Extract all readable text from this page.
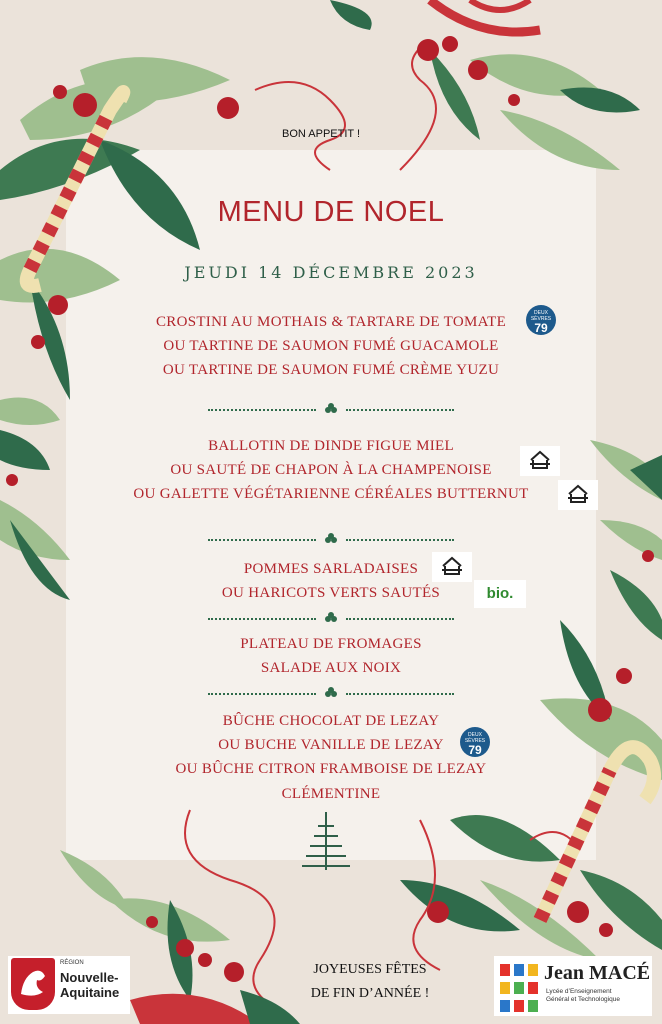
BON APPETIT !
MENU DE NOEL
JEUDI 14 DÉCEMBRE 2023
CROSTINI AU MOTHAIS & TARTARE DE TOMATE
OU TARTINE DE SAUMON FUMÉ GUACAMOLE
OU TARTINE DE SAUMON FUMÉ CRÈME YUZU
DEUX SÈVRES
79
BALLOTIN DE DINDE FIGUE MIEL
OU SAUTÉ DE CHAPON À LA CHAMPENOISE
OU GALETTE VÉGÉTARIENNE CÉRÉALES BUTTERNUT
POMMES SARLADAISES
OU HARICOTS VERTS SAUTÉS	bio.
PLATEAU DE FROMAGES
SALADE AUX NOIX
BÛCHE CHOCOLAT DE LEZAY
OU BUCHE VANILLE DE LEZAY
OU BÛCHE CITRON FRAMBOISE DE LEZAY
CLÉMENTINE
DEUX SÈVRES
79
JOYEUSES FÊTES
DE FIN D’ANNÉE !
RÉGION
Nouvelle-
Aquitaine
Jean MACÉ
Lycée d’Enseignement
Général et Technologique
